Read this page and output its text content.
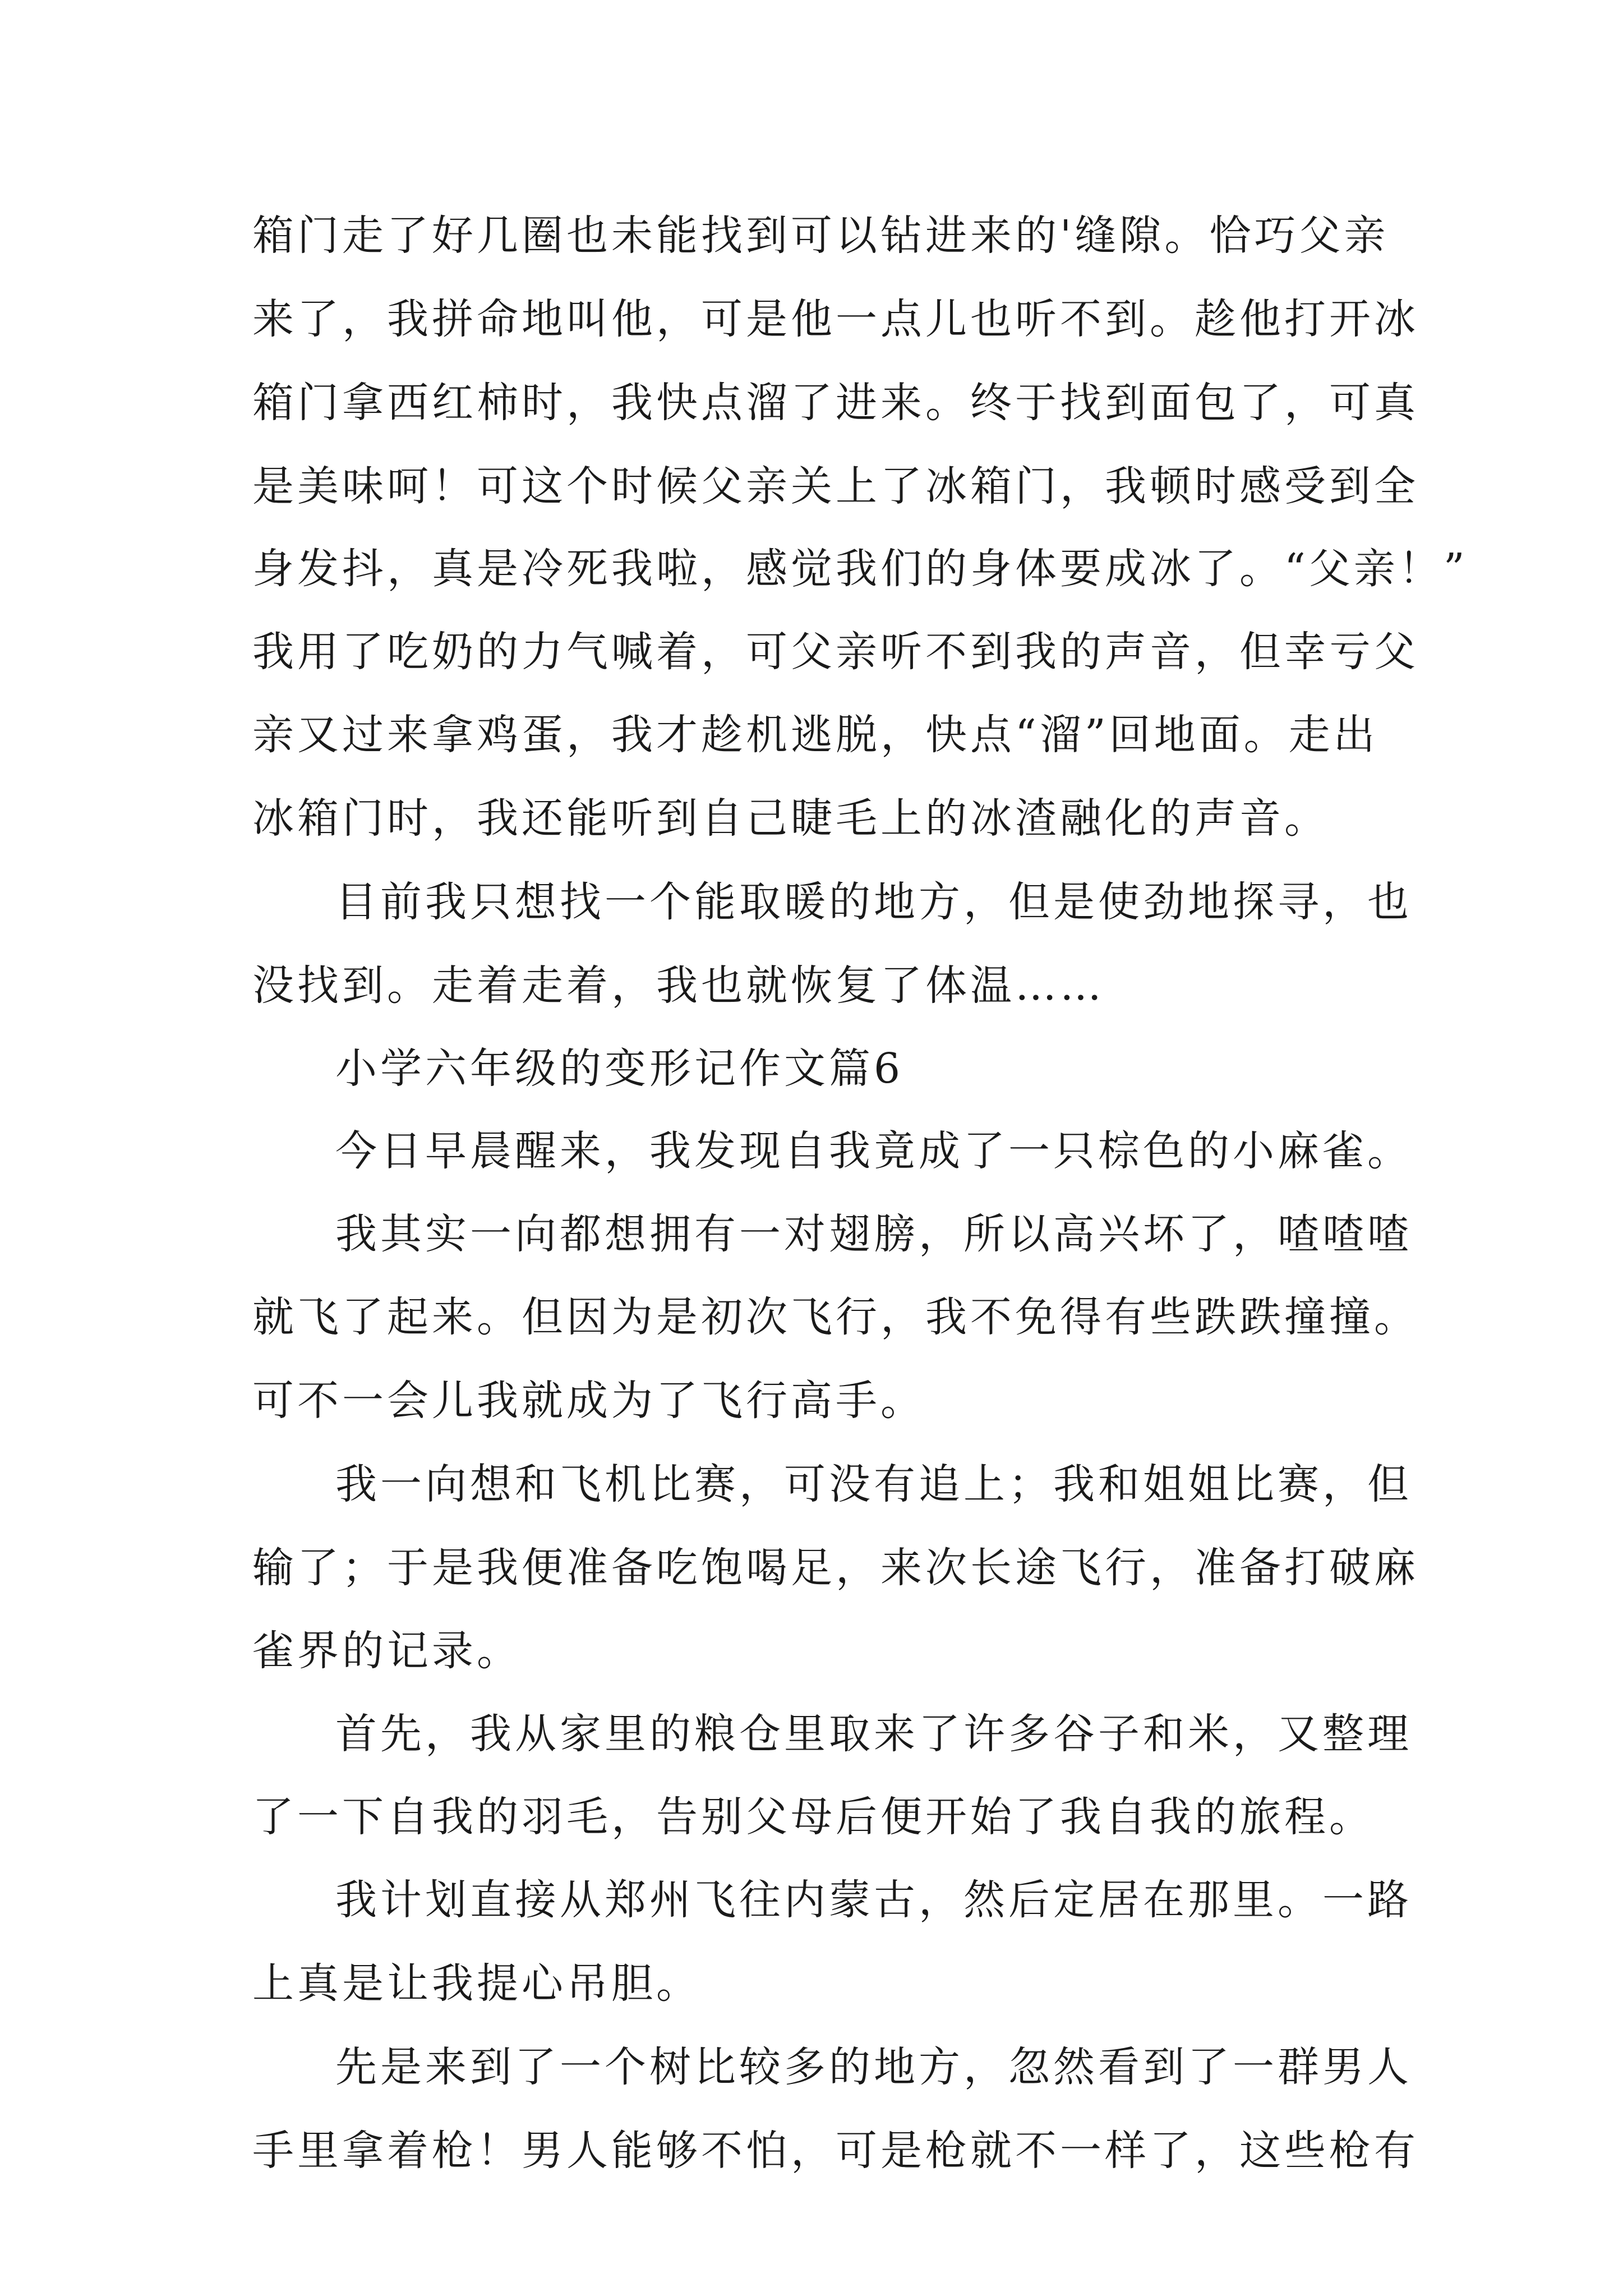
箱门走了好几圈也未能找到可以钻进来的'缝隙。恰巧父亲
来了，我拼命地叫他，可是他一点儿也听不到。趁他打开冰
箱门拿西红柿时，我快点溜了进来。终于找到面包了，可真
是美味呵！可这个时候父亲关上了冰箱门，我顿时感受到全
身发抖，真是冷死我啦，感觉我们的身体要成冰了。“父亲！”
我用了吃奶的力气喊着，可父亲听不到我的声音，但幸亏父
亲又过来拿鸡蛋，我才趁机逃脱，快点“溜”回地面。走出
冰箱门时，我还能听到自己睫毛上的冰渣融化的声音。
目前我只想找一个能取暖的地方，但是使劲地探寻，也
没找到。走着走着，我也就恢复了体温……
小学六年级的变形记作文篇6
今日早晨醒来，我发现自我竟成了一只棕色的小麻雀。
我其实一向都想拥有一对翅膀，所以高兴坏了，喳喳喳
就飞了起来。但因为是初次飞行，我不免得有些跌跌撞撞。
可不一会儿我就成为了飞行高手。
我一向想和飞机比赛，可没有追上；我和姐姐比赛，但
输了；于是我便准备吃饱喝足，来次长途飞行，准备打破麻
雀界的记录。
首先，我从家里的粮仓里取来了许多谷子和米，又整理
了一下自我的羽毛，告别父母后便开始了我自我的旅程。
我计划直接从郑州飞往内蒙古，然后定居在那里。一路
上真是让我提心吊胆。
先是来到了一个树比较多的地方，忽然看到了一群男人
手里拿着枪！男人能够不怕，可是枪就不一样了，这些枪有
